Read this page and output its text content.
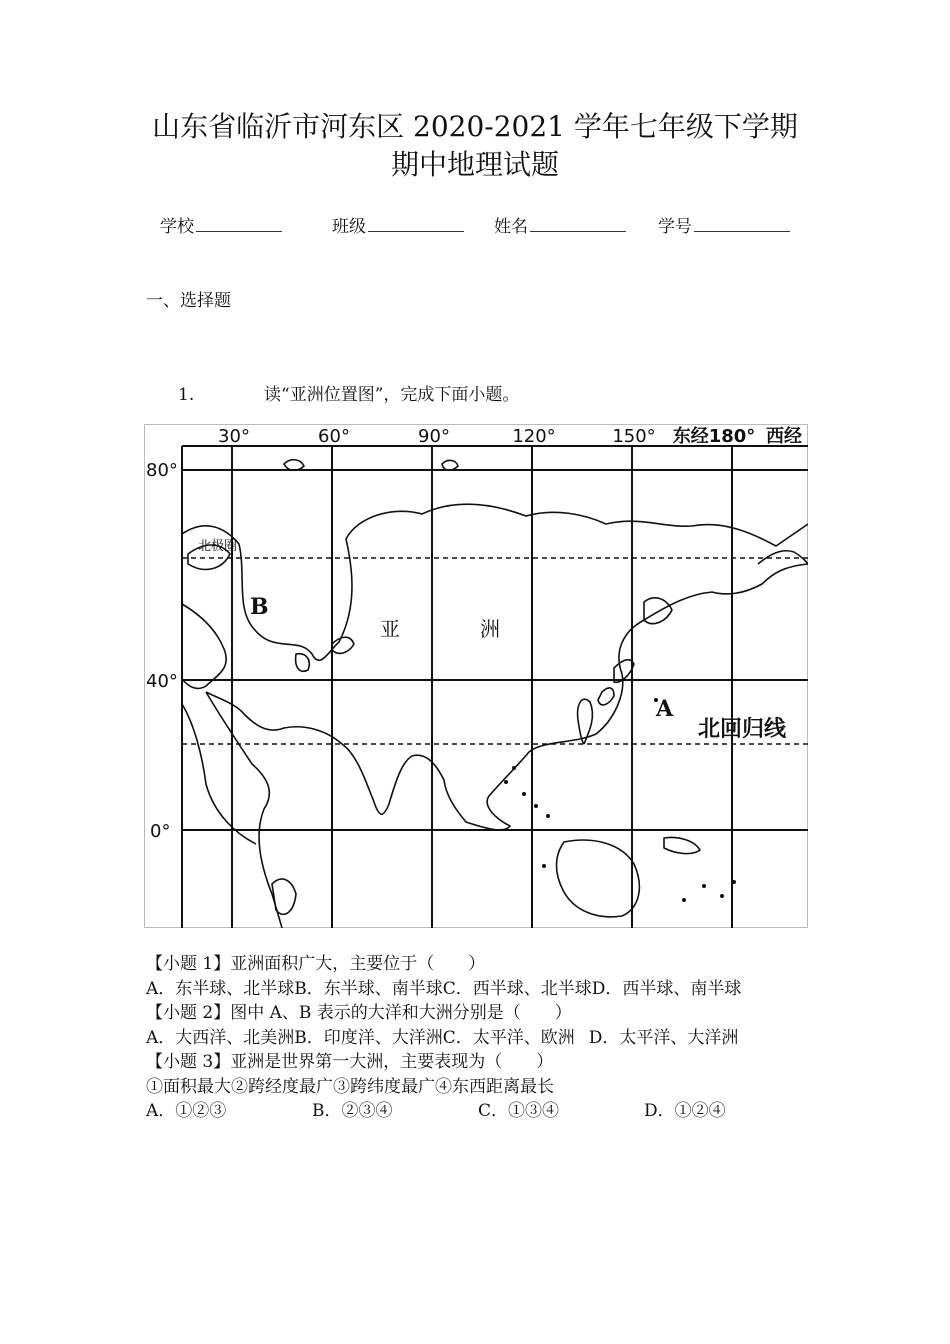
山东省临沂市河东区 2020-2021 学年七年级下学期
期中地理试题
学校	班级	姓名	学号
一、选择题
1.	读“亚洲位置图”，完成下面小题。
30°	60°	90°	120°	150° 东经180° 西经
80°
40°
0°
北极圈
北回归线
A
B
亚	洲
【小题 1】亚洲面积广大，主要位于（　　）
A．东半球、北半球 B．东半球、南半球 C．西半球、北半球 D．西半球、南半球
【小题 2】图中 A、B 表示的大洋和大洲分别是（　　）
A．大西洋、北美洲 B．印度洋、大洋洲 C．太平洋、欧洲 D．太平洋、大洋洲
【小题 3】亚洲是世界第一大洲，主要表现为（　　）
①面积最大②跨经度最广③跨纬度最广④东西距离最长
A．①②③	B．②③④	C．①③④	D．①②④
